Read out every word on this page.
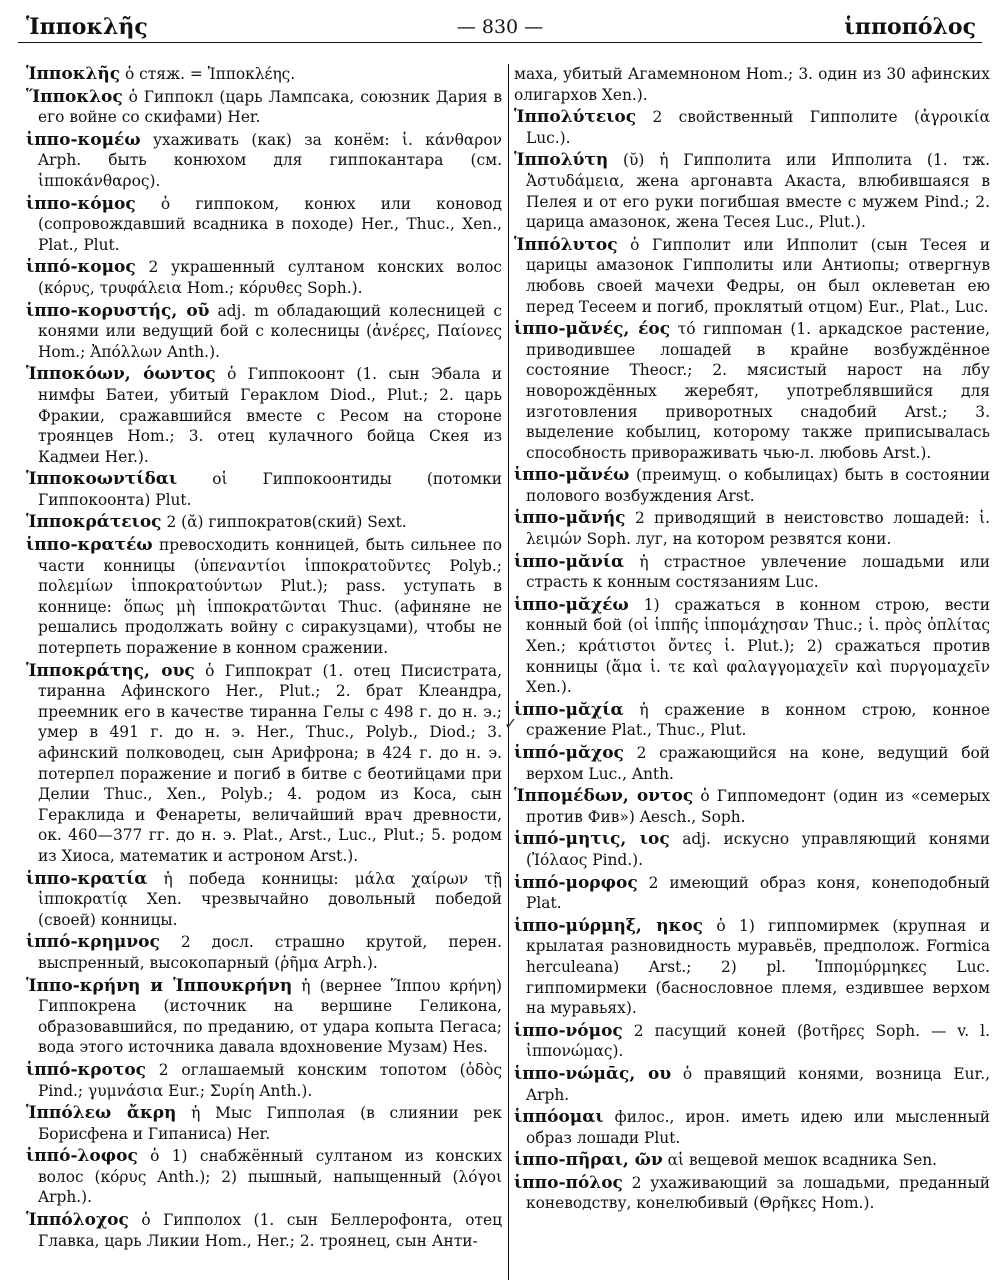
Ἱπποκλῆς	— 830 —	ἱπποπόλος

Ἱπποκλῆς ὁ стяж. = Ἱπποκλέης.

Ἵπποκλος ὁ Гиппокл (царь Лампсака, союзник Дария в его войне со скифами) Her.

ἱππο-κομέω ухаживать (как) за конём: ἱ. κάνθαρον Arph. быть конюхом для гиппокантара (см. ἱπποκάνθαρος).

ἱππο-κόμος ὁ гиппоком, конюх или коновод (сопровождавший всадника в походе) Her., Thuc., Xen., Plat., Plut.

ἱππό-κομος 2 украшенный султаном конских волос (κόρυς, τρυφάλεια Hom.; κόρυθες Soph.).

ἱππο-κορυστής, οῦ adj. m обладающий колесницей с конями или ведущий бой с колесницы (ἀνέρες, Παίονες Hom.; Ἀπόλλων Anth.).

Ἱπποκόων, όωντος ὁ Гиппокоонт (1. сын Эбала и нимфы Батеи, убитый Гераклом Diod., Plut.; 2. царь Фракии, сражавшийся вместе с Ресом на стороне троянцев Hom.; 3. отец кулачного бойца Скея из Кадмеи Her.).

Ἱπποκοωντίδαι οἱ Гиппокоонтиды (потомки Гиппокоонта) Plut.

Ἱπποκράτειος 2 (ᾰ) гиппократов(ский) Sext.

ἱππο-κρατέω превосходить конницей, быть сильнее по части конницы (ὑπεναντίοι ἱπποκρατοῦντες Polyb.; πολεμίων ἱπποκρατούντων Plut.); pass. уступать в коннице: ὅπως μὴ ἱπποκρατῶνται Thuc. (афиняне не решались продолжать войну с сиракузцами), чтобы не потерпеть поражение в конном сражении.

Ἱπποκράτης, ους ὁ Гиппократ (1. отец Писистрата, тиранна Афинского Her., Plut.; 2. брат Клеандра, преемник его в качестве тиранна Гелы с 498 г. до н. э.; умер в 491 г. до н. э. Her., Thuc., Polyb., Diod.; 3. афинский полководец, сын Арифрона; в 424 г. до н. э. потерпел поражение и погиб в битве с беотийцами при Делии Thuc., Xen., Polyb.; 4. родом из Коса, сын Гераклида и Фенареты, величайший врач древности, ок. 460—377 гг. до н. э. Plat., Arst., Luc., Plut.; 5. родом из Хиоса, математик и астроном Arst.).

ἱππο-κρατία ἡ победа конницы: μάλα χαίρων τῇ ἱπποκρατίᾳ Xen. чрезвычайно довольный победой (своей) конницы.

ἱππό-κρημνος 2 досл. страшно крутой, перен. выспренный, высокопарный (ῥῆμα Arph.).

Ἱππο-κρήνη и Ἱππουκρήνη ἡ (вернее Ἵππου κρήνη) Гиппокрена (источник на вершине Геликона, образовавшийся, по преданию, от удара копыта Пегаса; вода этого источника давала вдохновение Музам) Hes.

ἱππό-κροτος 2 оглашаемый конским топотом (ὁδὸς Pind.; γυμνάσια Eur.; Συρίη Anth.).

Ἱππόλεω ἄκρη ἡ Мыс Гипполая (в слиянии рек Борисфена и Гипаниса) Her.

ἱππό-λοφος ὁ 1) снабжённый султаном из конских волос (κόρυς Anth.); 2) пышный, напыщенный (λόγοι Arph.).

Ἱππόλοχος ὁ Гипполох (1. сын Беллерофонта, отец Главка, царь Ликии Hom., Her.; 2. троянец, сын Анти-

маха, убитый Агамемноном Hom.; 3. один из 30 афинских олигархов Xen.).

Ἱππολύτειος 2 свойственный Гипполите (ἀγροικία Luc.).

Ἱππολύτη (ῠ) ἡ Гипполита или Ипполита (1. тж. Ἀστυδάμεια, жена аргонавта Акаста, влюбившаяся в Пелея и от его руки погибшая вместе с мужем Pind.; 2. царица амазонок, жена Тесея Luc., Plut.).

Ἱππόλυτος ὁ Гипполит или Ипполит (сын Тесея и царицы амазонок Гипполиты или Антиопы; отвергнув любовь своей мачехи Федры, он был оклеветан ею перед Тесеем и погиб, проклятый отцом) Eur., Plat., Luc.

ἱππο-μᾰνές, έος τό гиппоман (1. аркадское растение, приводившее лошадей в крайне возбуждённое состояние Theocr.; 2. мясистый нарост на лбу новорождённых жеребят, употреблявшийся для изготовления приворотных снадобий Arst.; 3. выделение кобылиц, которому также приписывалась способность привораживать чью-л. любовь Arst.).

ἱππο-μᾰνέω (преимущ. о кобылицах) быть в состоянии полового возбуждения Arst.

ἱππο-μᾰνής 2 приводящий в неистовство лошадей: ἱ. λειμών Soph. луг, на котором резвятся кони.

ἱππο-μᾰνία ἡ страстное увлечение лошадьми или страсть к конным состязаниям Luc.

ἱππο-μᾰχέω 1) сражаться в конном строю, вести конный бой (οἱ ἱππῆς ἱππομάχησαν Thuc.; ἱ. πρὸς ὁπλίτας Xen.; κράτιστοι ὄντες ἱ. Plut.); 2) сражаться против конницы (ἅμα ἱ. τε καὶ φαλαγγομαχεῖν καὶ πυργομαχεῖν Xen.).

ἱππο-μᾰχία ἡ сражение в конном строю, конное сражение Plat., Thuc., Plut.

ἱππό-μᾰχος 2 сражающийся на коне, ведущий бой верхом Luc., Anth.

Ἱππομέδων, οντος ὁ Гиппомедонт (один из «семерых против Фив») Aesch., Soph.

ἱππό-μητις, ιος adj. искусно управляющий конями (Ἰόλαος Pind.).

ἱππό-μορφος 2 имеющий образ коня, конеподобный Plat.

ἱππο-μύρμηξ, ηκος ὁ 1) гиппомирмек (крупная и крылатая разновидность муравьёв, предполож. Formica herculeana) Arst.; 2) pl. Ἱππομύρμηκες Luc. гиппомирмеки (баснословное племя, ездившее верхом на муравьях).

ἱππο-νόμος 2 пасущий коней (βοτῆρες Soph. — v. l. ἱππονώμας).

ἱππο-νώμᾱς, ου ὁ правящий конями, возница Eur., Arph.

ἱππόομαι филос., ирон. иметь идею или мысленный образ лошади Plut.

ἱππο-πῆραι, ῶν αἱ вещевой мешок всадника Sen.

ἱππο-πόλος 2 ухаживающий за лошадьми, преданный коневодству, конелюбивый (Θρῆκες Hom.).

✓
